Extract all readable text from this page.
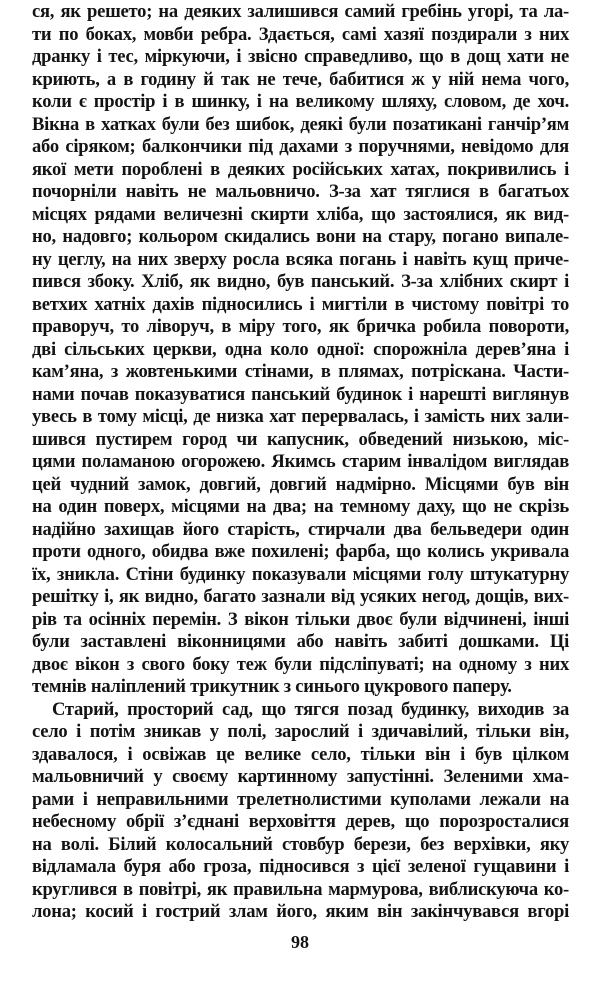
ся, як решето; на деяких залишився самий гребінь угорі, та ла-
ти по боках, мовби ребра. Здається, самі хазяї поздирали з них
дранку і тес, міркуючи, і звісно справедливо, що в дощ хати не
криють, а в годину й так не тече, бабитися ж у ній нема чого,
коли є простір і в шинку, і на великому шляху, словом, де хоч.
Вікна в хатках були без шибок, деякі були позатикані ганчір’ям
або сіряком; балкончики під дахами з поручнями, невідомо для
якої мети пороблені в деяких російських хатах, покривились і
почорніли навіть не мальовничо. З-за хат тяглися в багатьох
місцях рядами величезні скирти хліба, що застоялися, як вид-
но, надовго; кольором скидались вони на стару, погано випале-
ну цеглу, на них зверху росла всяка погань і навіть кущ приче-
пився збоку. Хліб, як видно, був панський. З-за хлібних скирт і
ветхих хатніх дахів підносились і мигтіли в чистому повітрі то
праворуч, то ліворуч, в міру того, як бричка робила повороти,
дві сільських церкви, одна коло одної: спорожніла дерев’яна і
кам’яна, з жовтенькими стінами, в плямах, потріскана. Части-
нами почав показуватися панський будинок і нарешті виглянув
увесь в тому місці, де низка хат перервалась, і замість них зали-
шився пустирем город чи капусник, обведений низькою, міс-
цями поламаною огорожею. Якимсь старим інвалідом виглядав
цей чудний замок, довгий, довгий надмірно. Місцями був він
на один поверх, місцями на два; на темному даху, що не скрізь
надійно захищав його старість, стирчали два бельведери один
проти одного, обидва вже похилені; фарба, що колись укривала
їх, зникла. Стіни будинку показували місцями голу штукатурну
решітку і, як видно, багато зазнали від усяких негод, дощів, вих-
рів та осінніх перемін. З вікон тільки двоє були відчинені, інші
були заставлені віконницями або навіть забиті дошками. Ці
двоє вікон з свого боку теж були підсліпуваті; на одному з них
темнів наліплений трикутник з синього цукрового паперу.
Старий, просторий сад, що тягся позад будинку, виходив за
село і потім зникав у полі, зарослий і здичавілий, тільки він,
здавалося, і освіжав це велике село, тільки він і був цілком
мальовничий у своєму картинному запустінні. Зеленими хма-
рами і неправильними трелетнолистими куполами лежали на
небесному обрії з’єднані верховіття дерев, що порозросталися
на волі. Білий колосальний стовбур берези, без верхівки, яку
відламала буря або гроза, підносився з цієї зеленої гущавини і
круглився в повітрі, як правильна мармурова, виблискуюча ко-
лона; косий і гострий злам його, яким він закінчувався вгорі
98
